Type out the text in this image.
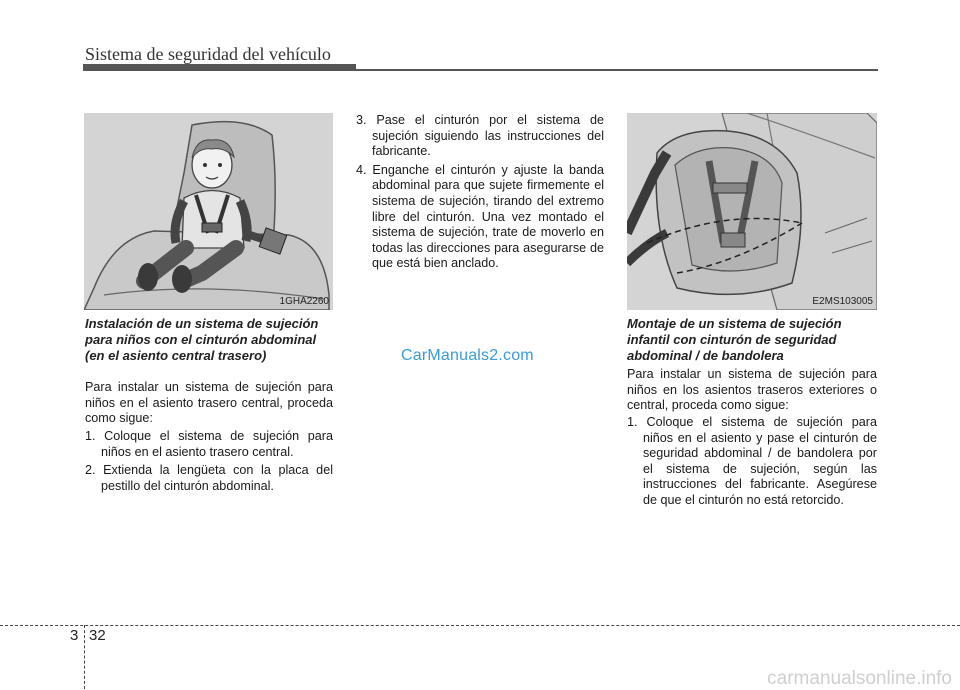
Sistema de seguridad del vehículo
1GHA2260
Instalación de un sistema de sujeción para niños con el cinturón abdominal (en el asiento central trasero)
Para instalar un sistema de sujeción para niños en el asiento trasero central, proceda como sigue:
1. Coloque el sistema de sujeción para niños en el asiento trasero central.
2. Extienda la lengüeta con la placa del pestillo del cinturón abdominal.
3. Pase el cinturón por el sistema de sujeción siguiendo las instrucciones del fabricante.
4. Enganche el cinturón y ajuste la banda abdominal para que sujete firmemente el sistema de sujeción, tirando del extremo libre del cinturón. Una vez montado el sistema de sujeción, trate de moverlo en todas las direcciones para asegurarse de que está bien anclado.
CarManuals2.com
E2MS103005
Montaje de un sistema de sujeción infantil con cinturón de seguridad abdominal / de bandolera
Para instalar un sistema de sujeción para niños en los asientos traseros exteriores o central, proceda como sigue:
1. Coloque el sistema de sujeción para niños en el asiento y pase el cinturón de seguridad abdominal / de bandolera por el sistema de sujeción, según las instrucciones del fabricante. Asegúrese de que el cinturón no está retorcido.
3 32
carmanualsonline.info
